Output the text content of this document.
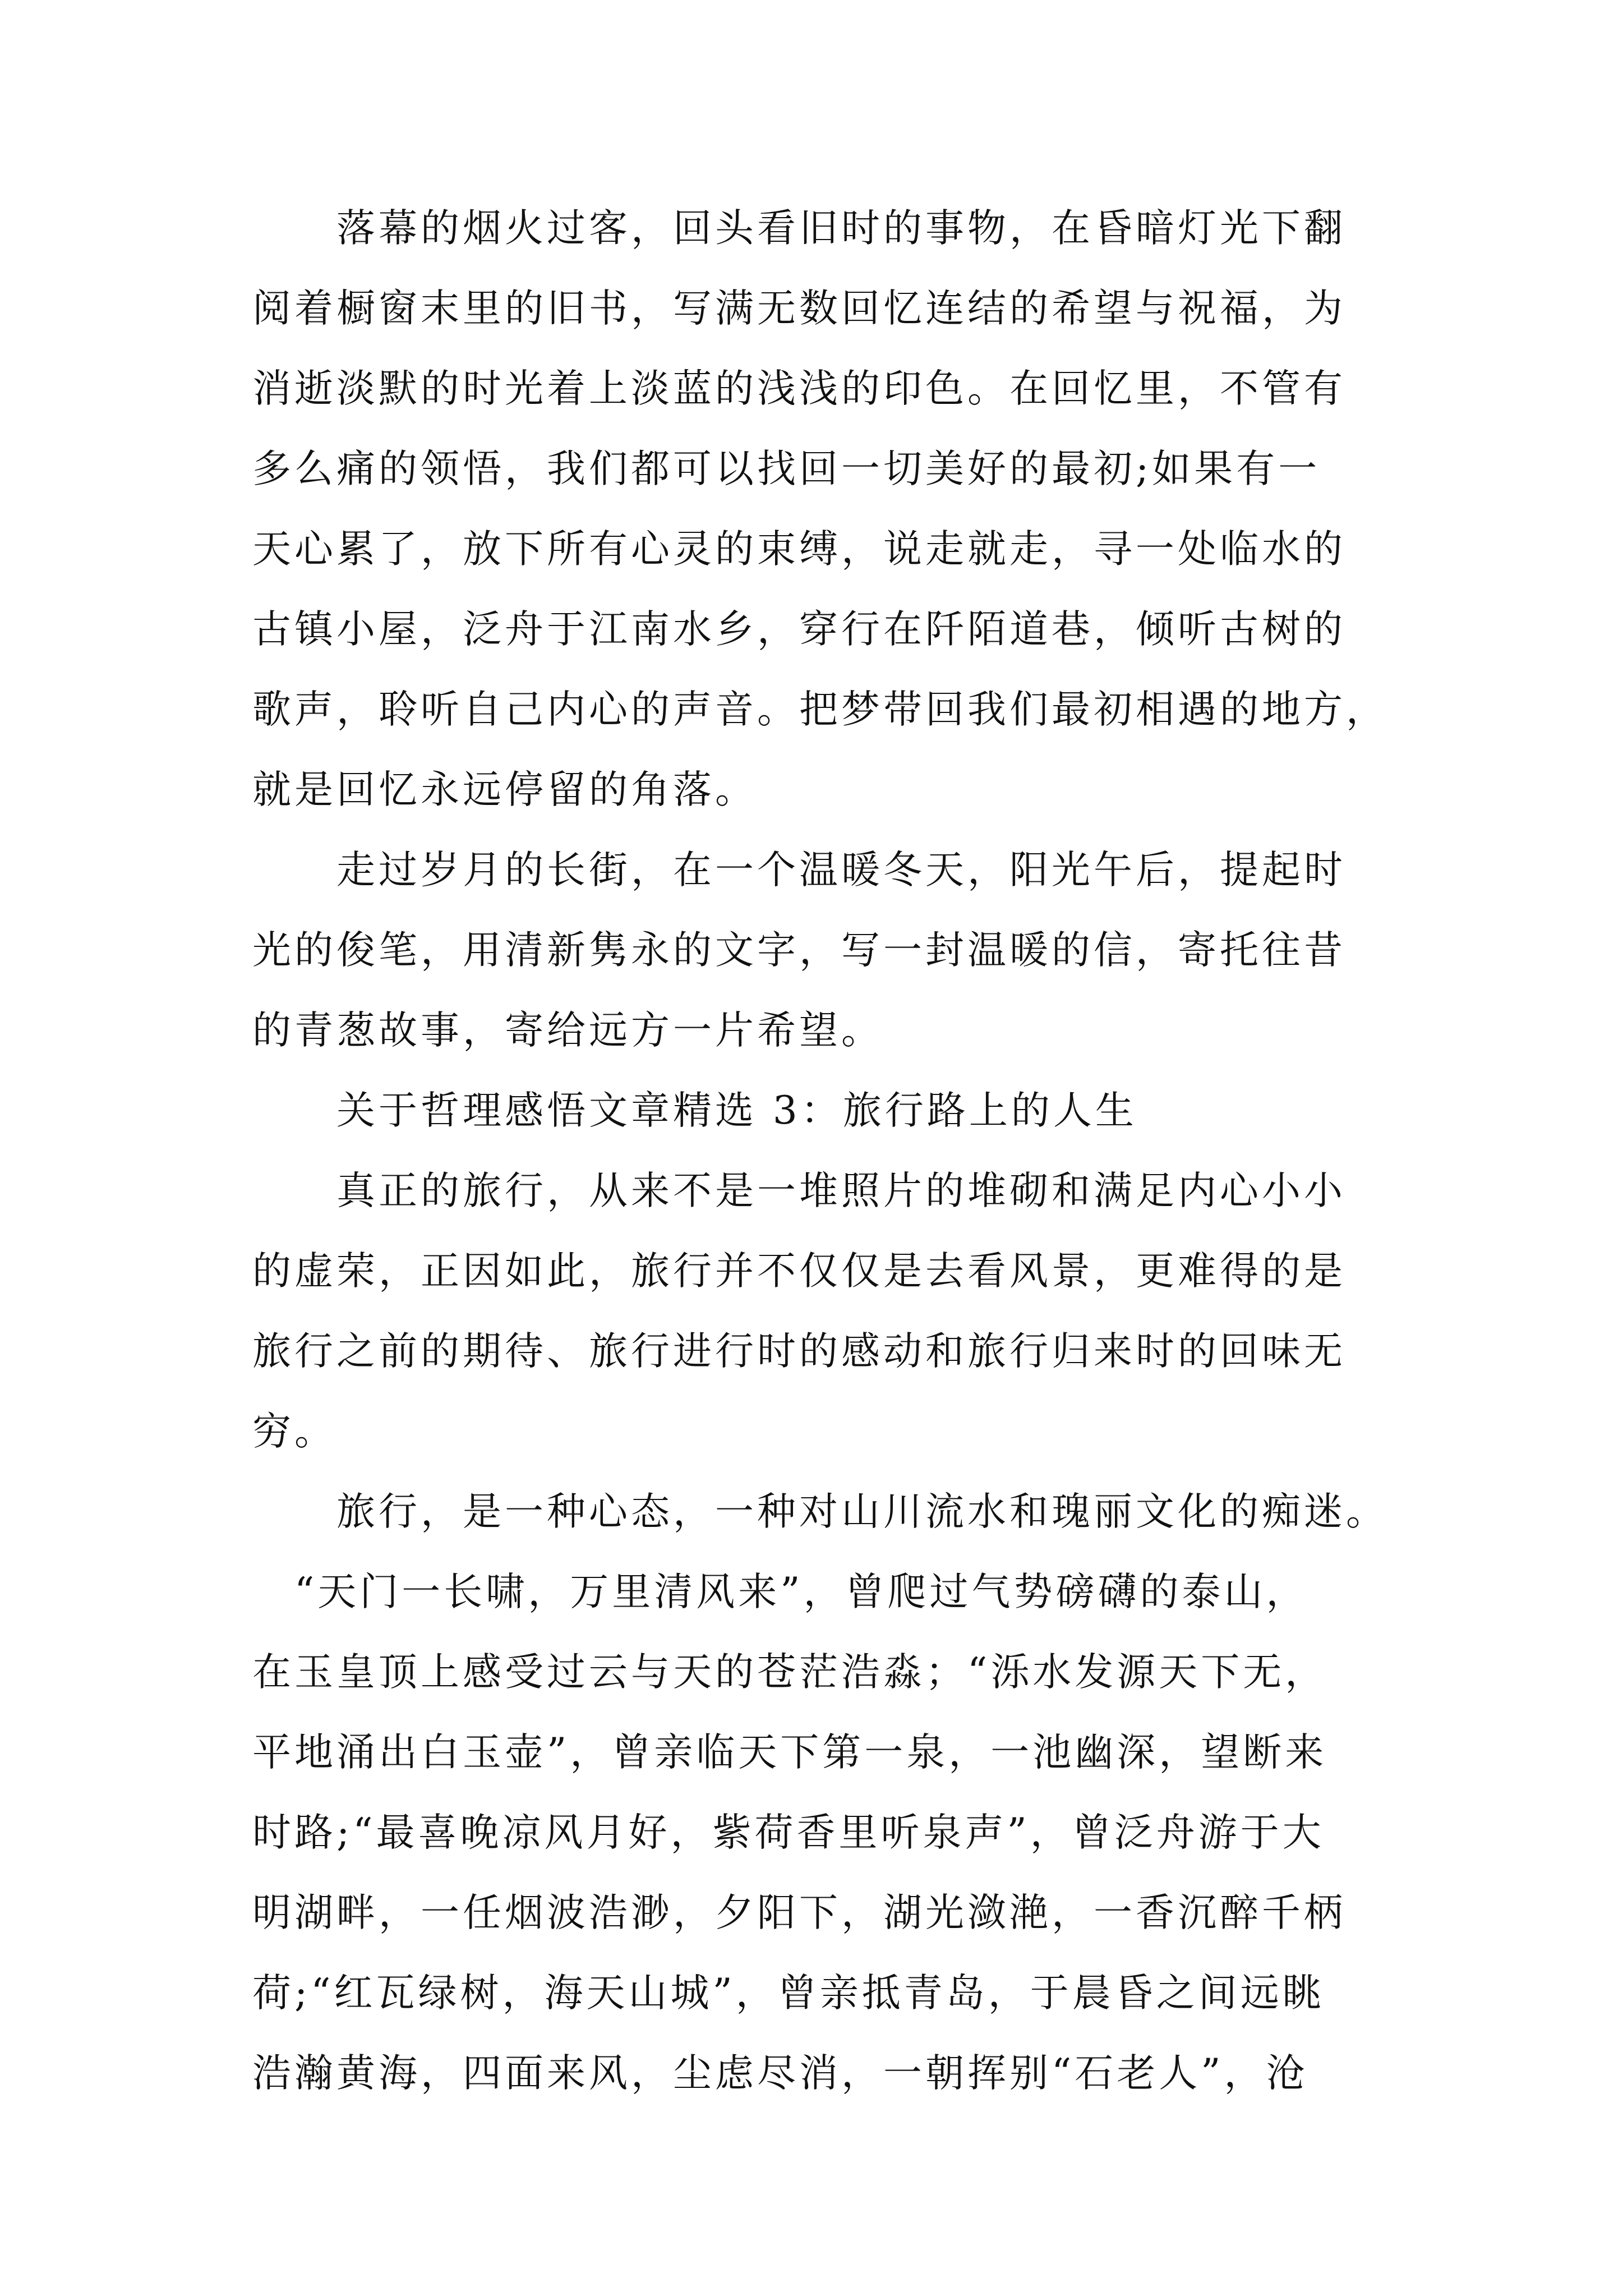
　　落幕的烟火过客，回头看旧时的事物，在昏暗灯光下翻

阅着橱窗末里的旧书，写满无数回忆连结的希望与祝福，为

消逝淡默的时光着上淡蓝的浅浅的印色。在回忆里，不管有

多么痛的领悟，我们都可以找回一切美好的最初;如果有一

天心累了，放下所有心灵的束缚，说走就走，寻一处临水的

古镇小屋，泛舟于江南水乡，穿行在阡陌道巷，倾听古树的

歌声，聆听自己内心的声音。把梦带回我们最初相遇的地方，

就是回忆永远停留的角落。

　　走过岁月的长街，在一个温暖冬天，阳光午后，提起时

光的俊笔，用清新隽永的文字，写一封温暖的信，寄托往昔

的青葱故事，寄给远方一片希望。

　　关于哲理感悟文章精选 3：旅行路上的人生

　　真正的旅行，从来不是一堆照片的堆砌和满足内心小小

的虚荣，正因如此，旅行并不仅仅是去看风景，更难得的是

旅行之前的期待、旅行进行时的感动和旅行归来时的回味无

穷。

　　旅行，是一种心态，一种对山川流水和瑰丽文化的痴迷。

　“天门一长啸，万里清风来”，曾爬过气势磅礴的泰山，

在玉皇顶上感受过云与天的苍茫浩淼；“泺水发源天下无，

平地涌出白玉壶”，曾亲临天下第一泉，一池幽深，望断来

时路;“最喜晚凉风月好，紫荷香里听泉声”，曾泛舟游于大

明湖畔，一任烟波浩渺，夕阳下，湖光潋滟，一香沉醉千柄

荷;“红瓦绿树，海天山城”，曾亲抵青岛，于晨昏之间远眺

浩瀚黄海，四面来风，尘虑尽消，一朝挥别“石老人”，沧
